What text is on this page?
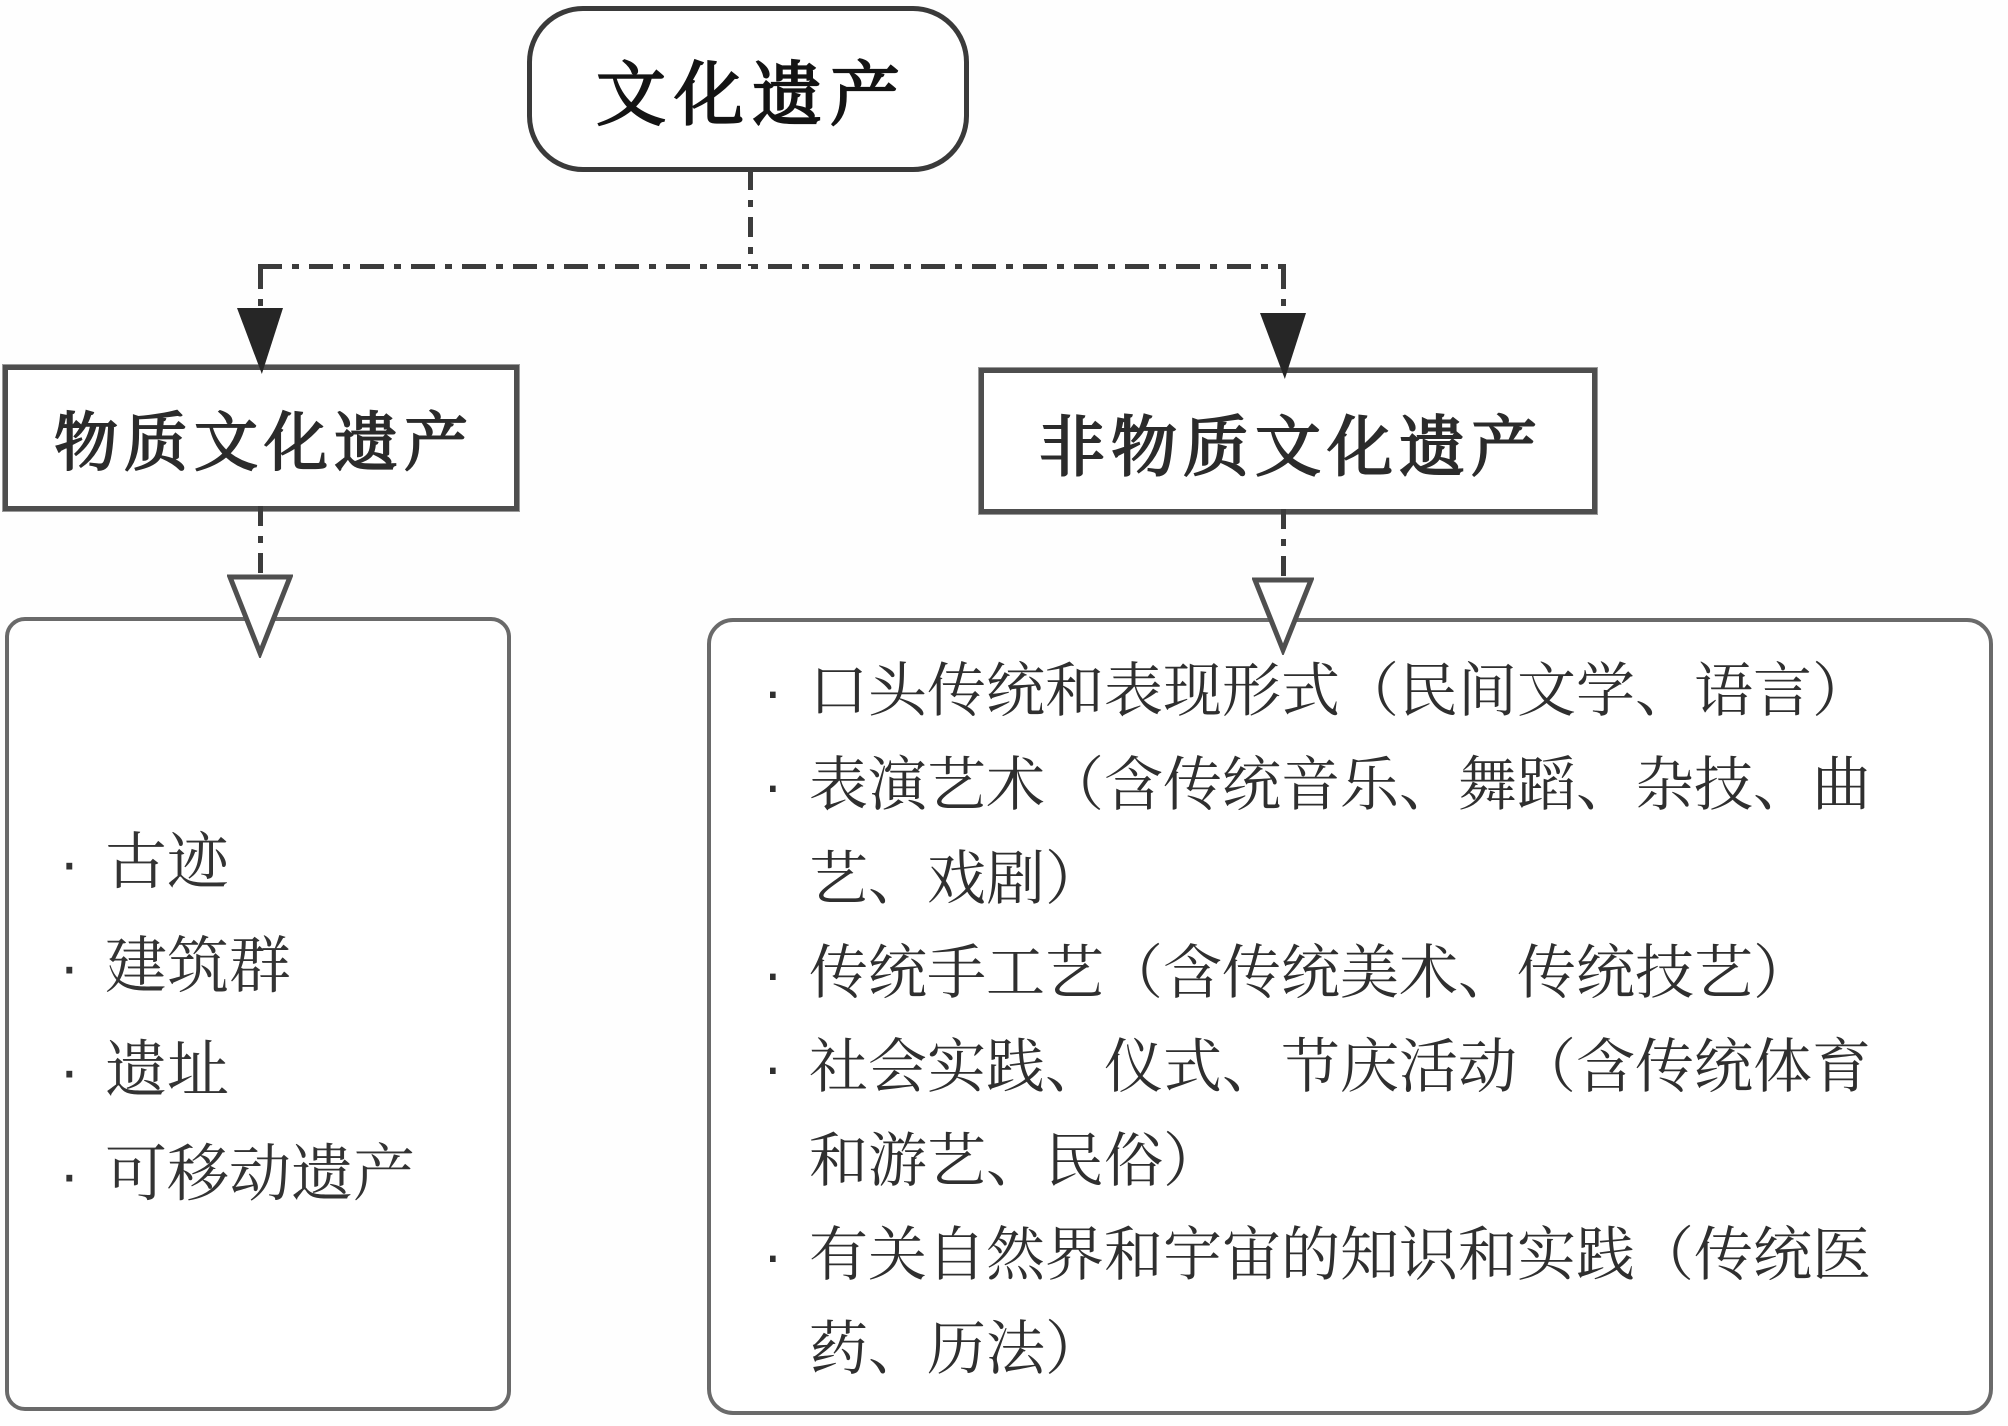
文化遗产
物质文化遗产	非物质文化遗产
· 古迹
· 建筑群
· 遗址
· 可移动遗产
· 口头传统和表现形式（民间文学、语言）
· 表演艺术（含传统音乐、舞蹈、杂技、曲
艺、戏剧）
· 传统手工艺（含传统美术、传统技艺）
· 社会实践、仪式、节庆活动（含传统体育
和游艺、民俗）
· 有关自然界和宇宙的知识和实践（传统医
药、历法）
